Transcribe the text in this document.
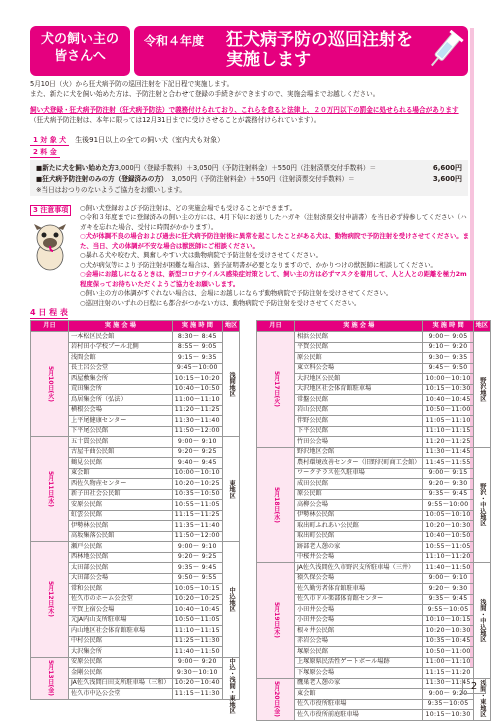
犬の飼い主の
皆さんへ
令和４年度 狂犬病予防の巡回注射を
実施します
5月10日（火）から狂犬病予防の巡回注射を下記日程で実施します。
また、新たに犬を飼い始めた方は、予防注射と合わせて登録の手続きができますので、実施会場までお越しください。
飼い犬登録・狂犬病予防注射（狂犬病予防法）で義務付けられており、これらを怠ると法律上、２０万円以下の罰金に処せられる場合があります（狂犬病予防注射は、本年に限っては12月31日までに受けさせることが義務付けられています）。
1 対 象 犬 生後91日以上の全ての飼い犬（室内犬も対象）
2 料 金
■新たに犬を飼い始めた方 3,000円（登録手数料）＋3,050円（予防注射料金）＋550円（注射済票交付手数料）＝	6,600円
■狂犬病予防注射のみの方（登録済みの方） 3,050円（予防注射料金）＋550円（注射済票交付手数料）＝	3,600円
※当日はおつりのないようご協力をお願いします。
3 注意事項	○飼い犬登録および予防注射は、どの実施会場でも受けることができます。
○令和３年度までに登録済みの飼い主の方には、4月下旬にお送りしたハガキ（注射済票交付申請書）を当日必ず持参してください（ハガキを忘れた場合、受付に時間がかかります）。
○犬が体調不良の場合および過去に狂犬病予防注射後に異常を起こしたことがある犬は、動物病院で予防注射を受けさせてください。また、当日、犬の体調が不安な場合は獣医師にご相談ください。
○暴れる犬や咬む犬、興奮しやすい犬は動物病院で予防注射を受けさせてください。
○犬が病気等により予防注射が困難な場合は、猶予証明書が必要となりますので、かかりつけの獣医師に相談してください。
○会場にお越しになるときは、新型コロナウイルス感染症対策として、飼い主の方は必ずマスクを着用して、人と人との距離を極力2m程度保ってお待ちいただくようご協力をお願いします。
○飼い主の方の体調がすぐれない場合は、会場にお越しにならず動物病院で予防注射を受けさせてください。
○巡回注射のいずれの日程にも都合がつかない方は、動物病院で予防注射を受けさせてください。
4 日 程 表
月日	実 施 会 場	実 施 時 間	地区
5月10日(火)	一本松区民会館	8:30〜 8:45	浅間地区
	岩村田小学校プール北側	8:55〜 9:05	
	浅間会館	9:15〜 9:35	
	長土呂公会堂	9:45〜10:00	
	西屋敷集会所	10:15〜10:20	
	荒田集会所	10:40〜10:50	
	鳥居集会所（弘法）	11:00〜11:10	
	横根公会場	11:20〜11:25	
	上平尾健康センター	11:30〜11:40	
	下平尾公民館	11:50〜12:00	
5月11日(水)	五十貫公民館	9:00〜 9:10	東地区
	古屋千曲公民館	9:20〜 9:25	
	鶴見公民館	9:40〜 9:45	
	東会館	10:00〜10:10	
	西佐久物産センター	10:20〜10:25	
	新子田社会公民館	10:35〜10:50	
	安原公民館	10:55〜11:05	
	虹雲公民館	11:15〜11:25	
	伊勢林公民館	11:35〜11:40	
	高坂集落公民館	11:50〜12:00	
5月12日(木)	瀬戸公民館	9:00〜 9:10	中込地区
	西林地公民館	9:20〜 9:25	
	太田部公民館	9:35〜 9:45	
	大田部公会場	9:50〜 9:55	
	常和公民館	10:05〜10:15	
	佐久市のホーム公会堂	10:20〜10:25	
	平賀上宿公会場	10:40〜10:45	
	元JA内山支所駐車場	10:50〜11:05	
	内山地区社会体育館駐車場	11:10〜11:15	
	中村公民館	11:25〜11:30	
	大沢集会所	11:40〜11:50	
5月13日(金)	安原公民館	9:00〜 9:20	中込・浅間・東地区
	金剛公民館	9:30〜10:10	
	JA佐久浅間臼田支所駐車場（三和）	10:20〜10:40	
	佐久市中込公会堂	11:15〜11:30	
月日	実 施 会 場	実 施 時 間	地区
5月17日(火)	相浜公民館	9:00〜 9:05	野沢地区
	平賀公民館	9:10〜 9:20	
	原公民館	9:30〜 9:35	
	東立科公会場	9:45〜 9:50	
	大沢地区公民館	10:00〜10:10	
	大沢地区社会体育館駐車場	10:15〜10:30	
	常盤公民館	10:40〜10:45	
	岩山公民館	10:50〜11:00	
	伴野公民館	11:05〜11:10	
	下平公民館	11:10〜11:15	
	竹田公会場	11:20〜11:25	
5月18日(水)	野沢地区会館	11:30〜11:45	野沢・中込地区
	農村環境改善センター（旧野沢町商工会館）	11:45〜11:55	
	ワークテラス佐久駐車場	9:00〜 9:15	
	成田公民館	9:20〜 9:30	
	原公民館	9:35〜 9:45	
	高柳公会場	9:55〜10:00	
	伊勢林公民館	10:05〜10:10	
	取出町ふれあい公民館	10:20〜10:30	
	取出町公民館	10:40〜10:50	
	跡部老人憩の家	10:55〜11:05	
	中桜井公会場	11:10〜11:20	
5月19日(木)	JA佐久浅間佐久市野沢支所駐車場（三井）	11:40〜11:50	浅間・中込地区
	猿久保公会場	9:00〜 9:10	
	佐久勤労者体育館駐車場	9:20〜 9:30	
	佐久市ドル楽部体育館センター	9:35〜 9:45	
	小田井公会場	9:55〜10:05	
	小田井公会場	10:10〜10:15	
	根々井公民館	10:20〜10:30	
	赤岩公会場	10:35〜10:45	
	塚原公民館	10:50〜11:00	
	上塚原県民活性ゲートボール場跡	11:00〜11:10	
	下塚原公会場	11:15〜11:20	
5月20日(金)	鷹巣老人憩の家	11:30〜11:45	浅間・東地区
	東会館	9:00〜 9:20	
	佐久市役所駐車場	9:35〜10:05	
	佐久市役所前庭駐車場	10:15〜10:30	
2
